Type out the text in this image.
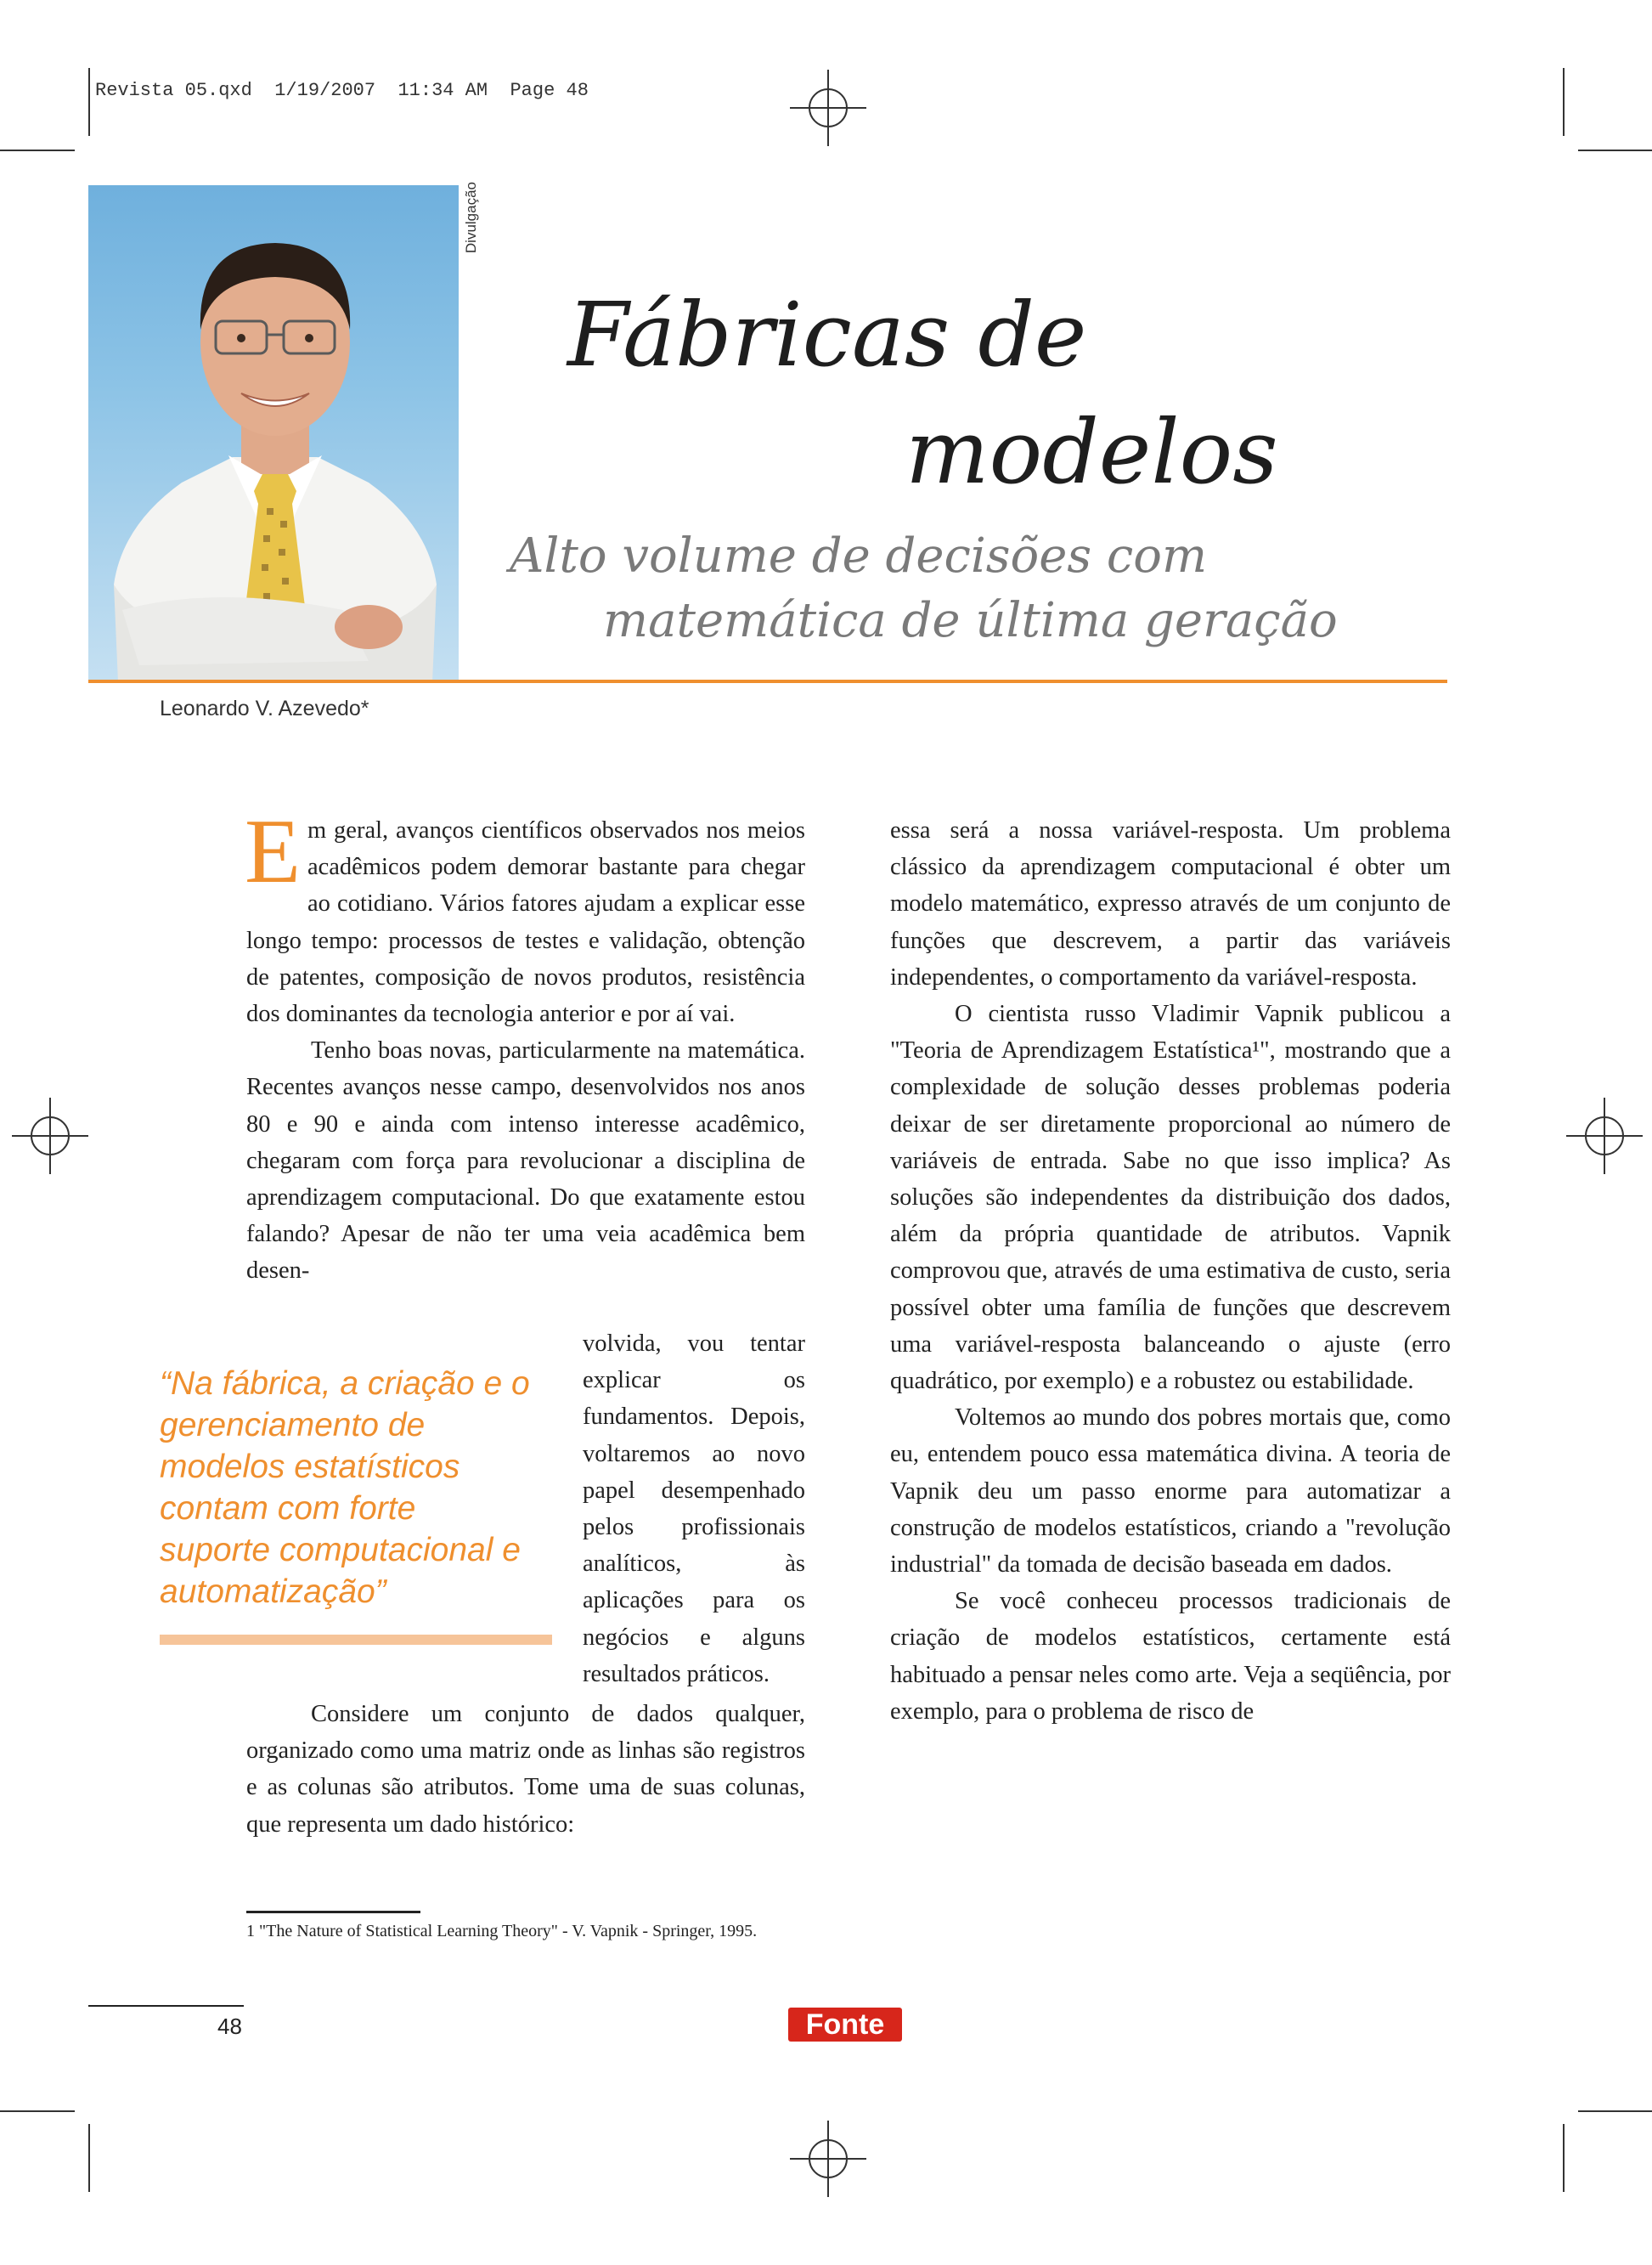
Revista 05.qxd  1/19/2007  11:34 AM  Page 48
Divulgação
Fábricas de
modelos
Alto volume de decisões com
matemática de última geração
Leonardo V. Azevedo*

Em geral, avanços científicos observados nos meios acadêmicos podem demorar bastante para chegar ao cotidiano. Vários fatores ajudam a explicar esse longo tempo: processos de testes e validação, obtenção de patentes, composição de novos produtos, resistência dos dominantes da tecnologia anterior e por aí vai.

Tenho boas novas, particularmente na matemática. Recentes avanços nesse campo, desenvolvidos nos anos 80 e 90 e ainda com intenso interesse acadêmico, chegaram com força para revolucionar a disciplina de aprendizagem computacional. Do que exatamente estou falando? Apesar de não ter uma veia acadêmica bem desen-

volvida, vou tentar explicar os fundamentos. Depois, voltaremos ao novo papel desempenhado pelos profissionais analíticos, às aplicações para os negócios e alguns resultados práticos.

Considere um conjunto de dados qualquer, organizado como uma matriz onde as linhas são registros e as colunas são atributos. Tome uma de suas colunas, que representa um dado histórico:

“Na fábrica, a criação e o gerenciamento de modelos estatísticos contam com forte suporte computacional e automatização”

essa será a nossa variável-resposta. Um problema clássico da aprendizagem computacional é obter um modelo matemático, expresso através de um conjunto de funções que descrevem, a partir das variáveis independentes, o comportamento da variável-resposta.

O cientista russo Vladimir Vapnik publicou a "Teoria de Aprendizagem Estatística¹", mostrando que a complexidade de solução desses problemas poderia deixar de ser diretamente proporcional ao número de variáveis de entrada. Sabe no que isso implica? As soluções são independentes da distribuição dos dados, além da própria quantidade de atributos. Vapnik comprovou que, através de uma estimativa de custo, seria possível obter uma família de funções que descrevem uma variável-resposta balanceando o ajuste (erro quadrático, por exemplo) e a robustez ou estabilidade.

Voltemos ao mundo dos pobres mortais que, como eu, entendem pouco essa matemática divina. A teoria de Vapnik deu um passo enorme para automatizar a construção de modelos estatísticos, criando a "revolução industrial" da tomada de decisão baseada em dados.

Se você conheceu processos tradicionais de criação de modelos estatísticos, certamente está habituado a pensar neles como arte. Veja a seqüência, por exemplo, para o problema de risco de

1 "The Nature of Statistical Learning Theory" - V. Vapnik - Springer, 1995.
48	Fonte
